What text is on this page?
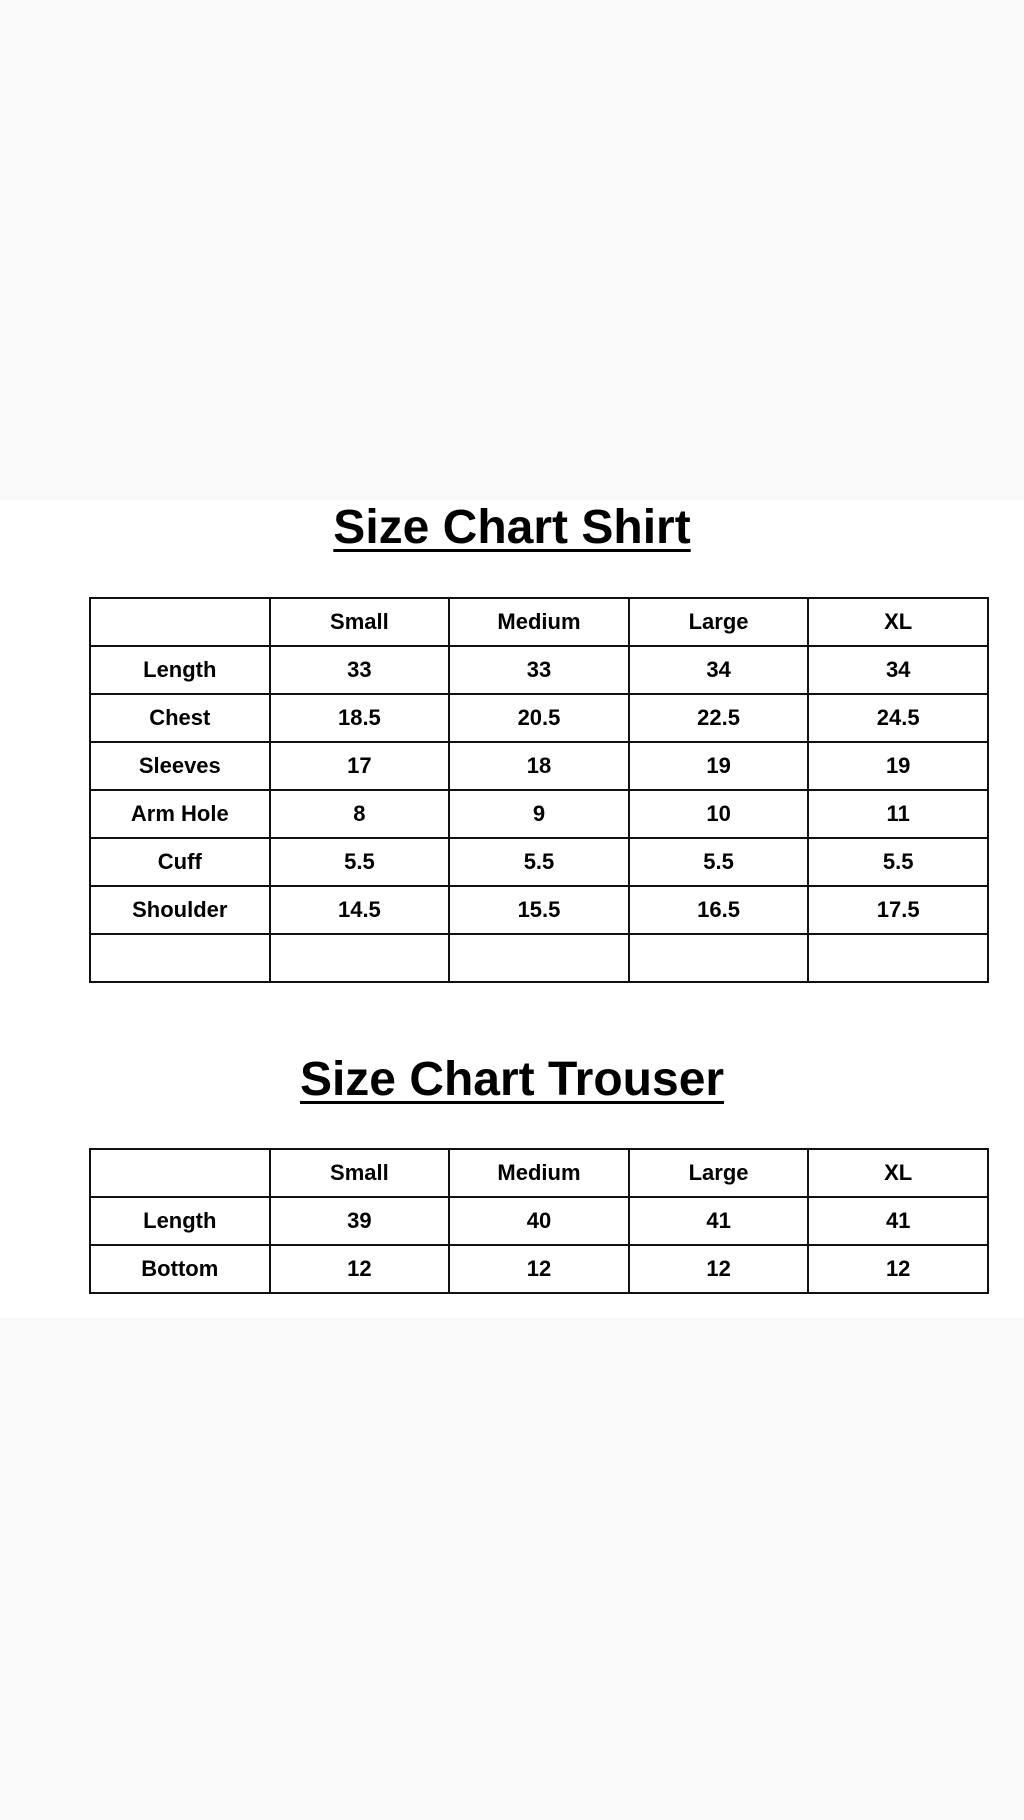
Size Chart Shirt
	Small	Medium	Large	XL
Length	33	33	34	34
Chest	18.5	20.5	22.5	24.5
Sleeves	17	18	19	19
Arm Hole	8	9	10	11
Cuff	5.5	5.5	5.5	5.5
Shoulder	14.5	15.5	16.5	17.5

Size Chart Trouser
	Small	Medium	Large	XL
Length	39	40	41	41
Bottom	12	12	12	12
